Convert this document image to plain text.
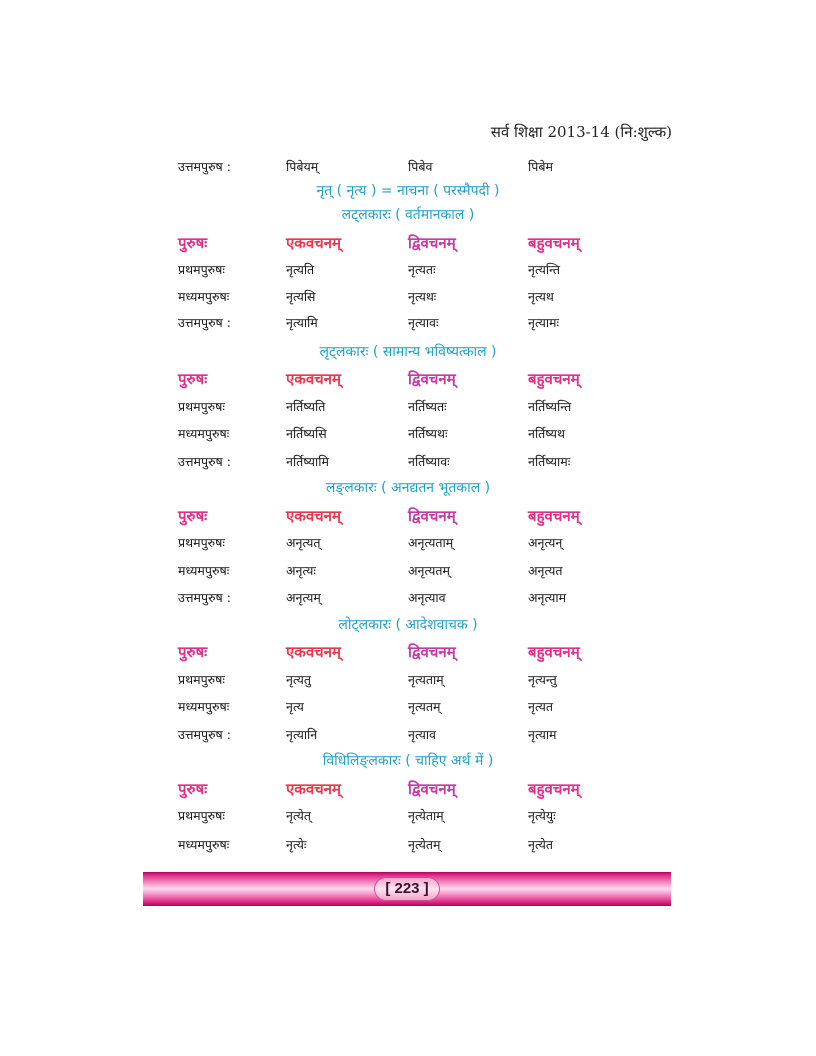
सर्व शिक्षा 2013-14 (नि:शुल्क)
उत्तमपुरुष :	पिबेयम्	पिबेव	पिबेम
नृत् ( नृत्य ) = नाचना ( परस्मैपदी )
लट्लकारः ( वर्तमानकाल )
पुरुषः	एकवचनम्	द्विवचनम्	बहुवचनम्
प्रथमपुरुषः	नृत्यति	नृत्यतः	नृत्यन्ति
मध्यमपुरुषः	नृत्यसि	नृत्यथः	नृत्यथ
उत्तमपुरुष :	नृत्यामि	नृत्यावः	नृत्यामः
लृट्लकारः ( सामान्य भविष्यत्काल )
पुरुषः	एकवचनम्	द्विवचनम्	बहुवचनम्
प्रथमपुरुषः	नर्तिष्यति	नर्तिष्यतः	नर्तिष्यन्ति
मध्यमपुरुषः	नर्तिष्यसि	नर्तिष्यथः	नर्तिष्यथ
उत्तमपुरुष :	नर्तिष्यामि	नर्तिष्यावः	नर्तिष्यामः
लङ्लकारः ( अनद्यतन भूतकाल )
पुरुषः	एकवचनम्	द्विवचनम्	बहुवचनम्
प्रथमपुरुषः	अनृत्यत्	अनृत्यताम्	अनृत्यन्
मध्यमपुरुषः	अनृत्यः	अनृत्यतम्	अनृत्यत
उत्तमपुरुष :	अनृत्यम्	अनृत्याव	अनृत्याम
लोट्लकारः ( आदेशवाचक )
पुरुषः	एकवचनम्	द्विवचनम्	बहुवचनम्
प्रथमपुरुषः	नृत्यतु	नृत्यताम्	नृत्यन्तु
मध्यमपुरुषः	नृत्य	नृत्यतम्	नृत्यत
उत्तमपुरुष :	नृत्यानि	नृत्याव	नृत्याम
विधिलिङ्लकारः ( चाहिए अर्थ में )
पुरुषः	एकवचनम्	द्विवचनम्	बहुवचनम्
प्रथमपुरुषः	नृत्येत्	नृत्येताम्	नृत्येयुः
मध्यमपुरुषः	नृत्येः	नृत्येतम्	नृत्येत
[ 223 ]
